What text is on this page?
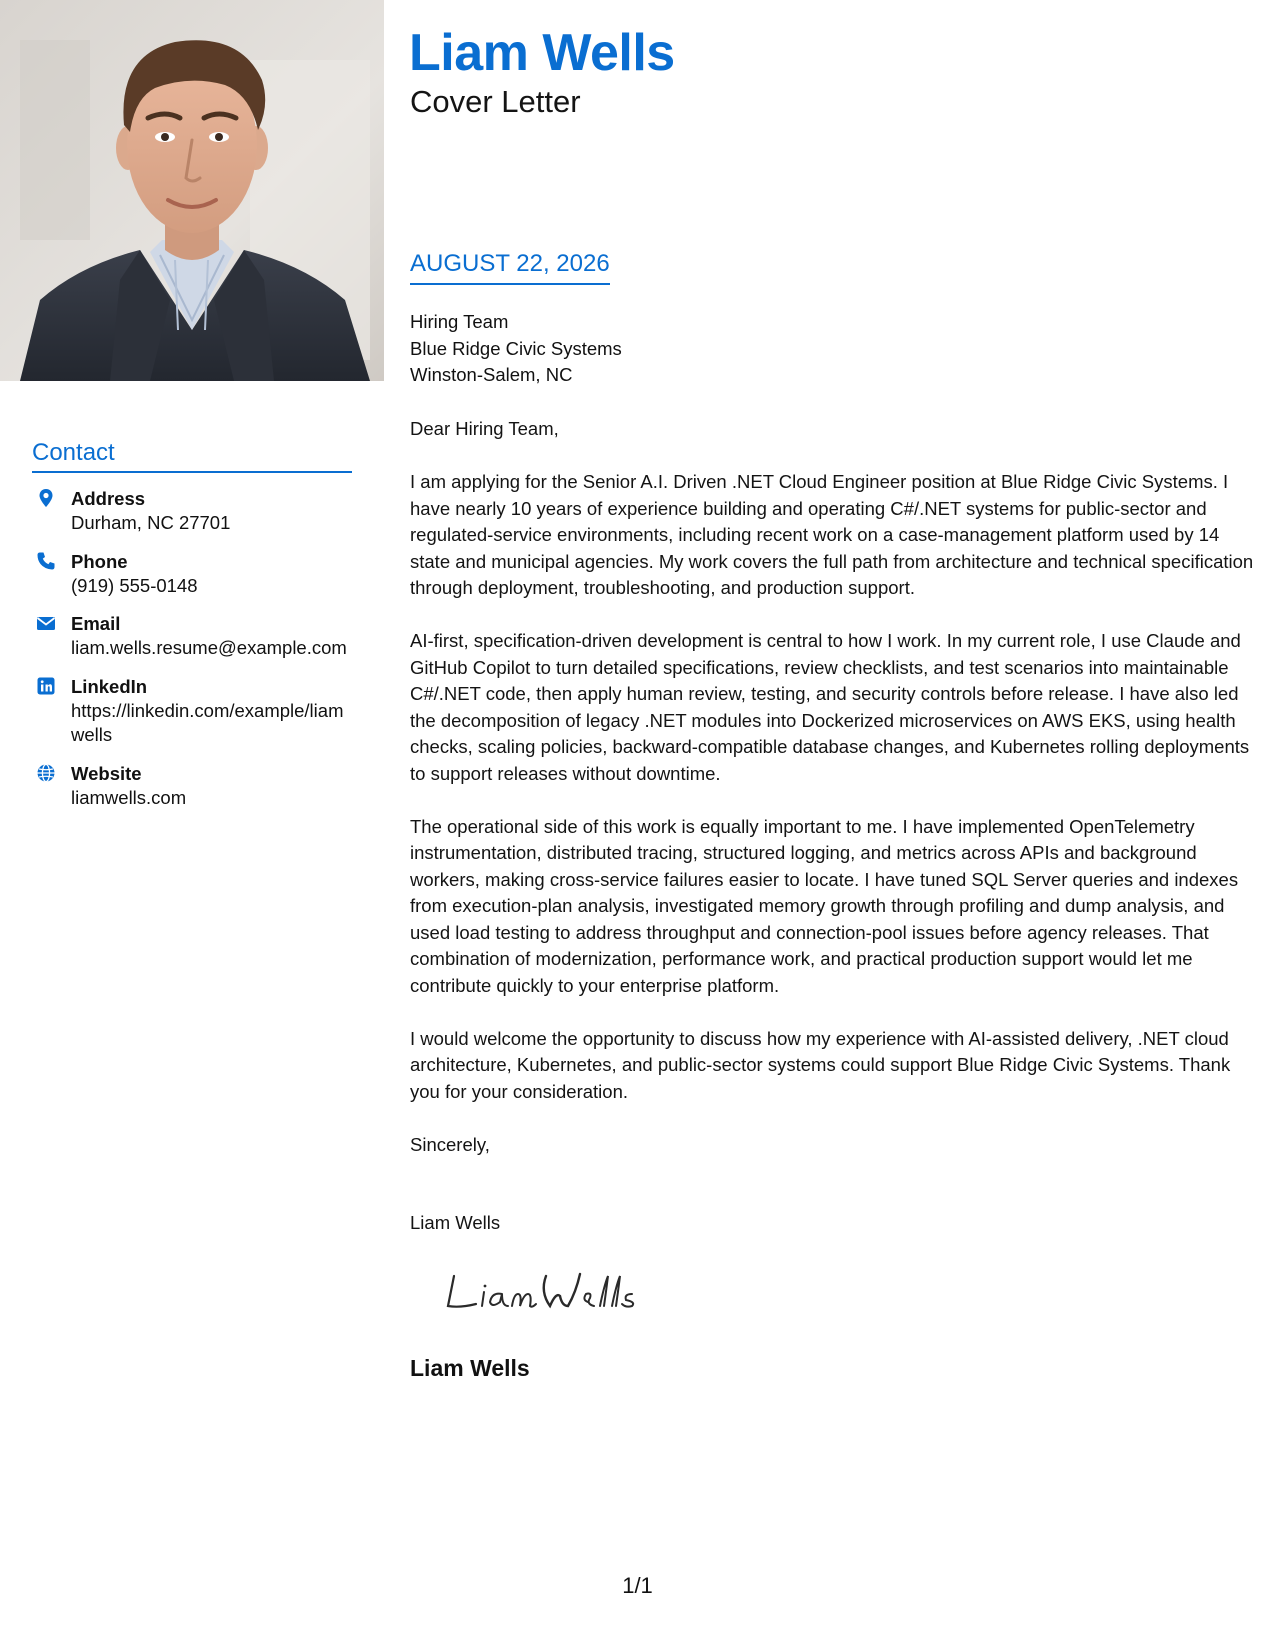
Liam Wells
Cover Letter
AUGUST 22, 2026
Hiring Team
Blue Ridge Civic Systems
Winston-Salem, NC

Dear Hiring Team,

I am applying for the Senior A.I. Driven .NET Cloud Engineer position at Blue Ridge Civic Systems. I have nearly 10 years of experience building and operating C#/.NET systems for public-sector and regulated-service environments, including recent work on a case-management platform used by 14 state and municipal agencies. My work covers the full path from architecture and technical specification through deployment, troubleshooting, and production support.

AI-first, specification-driven development is central to how I work. In my current role, I use Claude and GitHub Copilot to turn detailed specifications, review checklists, and test scenarios into maintainable C#/.NET code, then apply human review, testing, and security controls before release. I have also led the decomposition of legacy .NET modules into Dockerized microservices on AWS EKS, using health checks, scaling policies, backward-compatible database changes, and Kubernetes rolling deployments to support releases without downtime.

The operational side of this work is equally important to me. I have implemented OpenTelemetry instrumentation, distributed tracing, structured logging, and metrics across APIs and background workers, making cross-service failures easier to locate. I have tuned SQL Server queries and indexes from execution-plan analysis, investigated memory growth through profiling and dump analysis, and used load testing to address throughput and connection-pool issues before agency releases. That combination of modernization, performance work, and practical production support would let me contribute quickly to your enterprise platform.

I would welcome the opportunity to discuss how my experience with AI-assisted delivery, .NET cloud architecture, Kubernetes, and public-sector systems could support Blue Ridge Civic Systems. Thank you for your consideration.

Sincerely,

Liam Wells

Liam Wells
Contact
Address
Durham, NC 27701
Phone
(919) 555-0148
Email
liam.wells.resume@example.com
LinkedIn
https://linkedin.com/example/liamwells
Website
liamwells.com
1/1
